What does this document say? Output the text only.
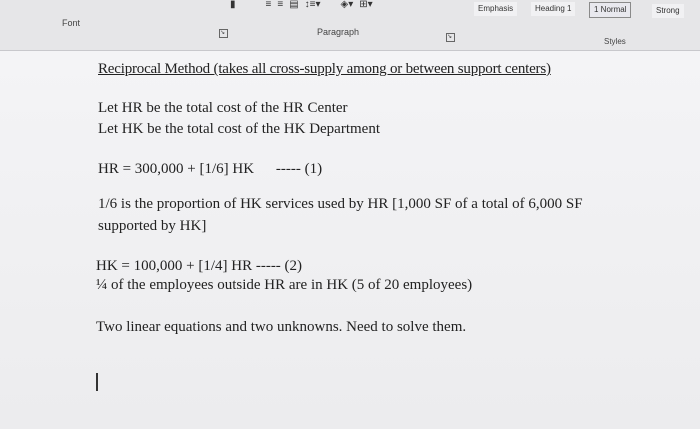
Font
↘
▮	≡ ≡ ▤ ↕≡▾ ◈▾ ⊞▾
Paragraph	↘
Emphasis	Heading 1	1 Normal	Strong
Styles
Reciprocal Method (takes all cross-supply among or between support centers)
Let HR be the total cost of the HR Center
Let HK be the total cost of the HK Department
HR = 300,000 + [1/6] HK ----- (1)
1/6 is the proportion of HK services used by HR [1,000 SF of a total of 6,000 SF
supported by HK]
HK = 100,000 + [1/4] HR ----- (2)
¼ of the employees outside HR are in HK (5 of 20 employees)
Two linear equations and two unknowns. Need to solve them.
